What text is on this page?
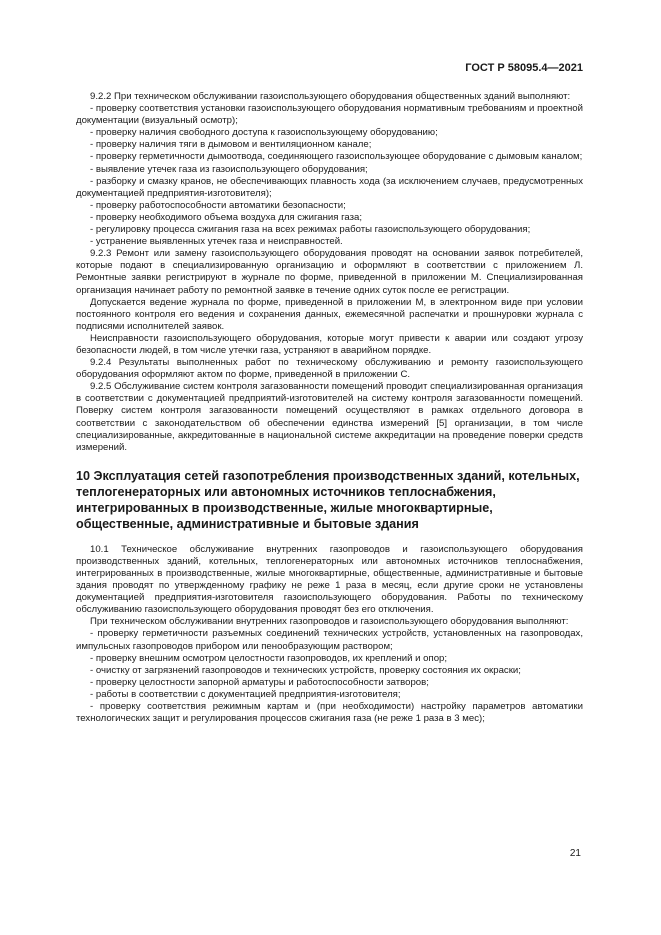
ГОСТ Р 58095.4—2021

9.2.2 При техническом обслуживании газоиспользующего оборудования общественных зданий выполняют:

- проверку соответствия установки газоиспользующего оборудования нормативным требованиям и проектной документации (визуальный осмотр);

- проверку наличия свободного доступа к газоиспользующему оборудованию;

- проверку наличия тяги в дымовом и вентиляционном канале;

- проверку герметичности дымоотвода, соединяющего газоиспользующее оборудование с дымовым каналом;

- выявление утечек газа из газоиспользующего оборудования;

- разборку и смазку кранов, не обеспечивающих плавность хода (за исключением случаев, предусмотренных документацией предприятия-изготовителя);

- проверку работоспособности автоматики безопасности;

- проверку необходимого объема воздуха для сжигания газа;

- регулировку процесса сжигания газа на всех режимах работы газоиспользующего оборудования;

- устранение выявленных утечек газа и неисправностей.

9.2.3 Ремонт или замену газоиспользующего оборудования проводят на основании заявок потребителей, которые подают в специализированную организацию и оформляют в соответствии с приложением Л. Ремонтные заявки регистрируют в журнале по форме, приведенной в приложении М. Специализированная организация начинает работу по ремонтной заявке в течение одних суток после ее регистрации.

Допускается ведение журнала по форме, приведенной в приложении М, в электронном виде при условии постоянного контроля его ведения и сохранения данных, ежемесячной распечатки и прошнуровки журнала с подписями исполнителей заявок.

Неисправности газоиспользующего оборудования, которые могут привести к аварии или создают угрозу безопасности людей, в том числе утечки газа, устраняют в аварийном порядке.

9.2.4 Результаты выполненных работ по техническому обслуживанию и ремонту газоиспользующего оборудования оформляют актом по форме, приведенной в приложении С.

9.2.5 Обслуживание систем контроля загазованности помещений проводит специализированная организация в соответствии с документацией предприятий-изготовителей на систему контроля загазованности помещений. Поверку систем контроля загазованности помещений осуществляют в рамках отдельного договора в соответствии с законодательством об обеспечении единства измерений [5] организации, в том числе специализированные, аккредитованные в национальной системе аккредитации на проведение поверки средств измерений.

10 Эксплуатация сетей газопотребления производственных зданий, котельных, теплогенераторных или автономных источников теплоснабжения, интегрированных в производственные, жилые многоквартирные, общественные, административные и бытовые здания

10.1 Техническое обслуживание внутренних газопроводов и газоиспользующего оборудования производственных зданий, котельных, теплогенераторных или автономных источников теплоснабжения, интегрированных в производственные, жилые многоквартирные, общественные, административные и бытовые здания проводят по утвержденному графику не реже 1 раза в месяц, если другие сроки не установлены документацией предприятия-изготовителя газоиспользующего оборудования. Работы по техническому обслуживанию газоиспользующего оборудования проводят без его отключения.

При техническом обслуживании внутренних газопроводов и газоиспользующего оборудования выполняют:

- проверку герметичности разъемных соединений технических устройств, установленных на газопроводах, импульсных газопроводов прибором или пенообразующим раствором;

- проверку внешним осмотром целостности газопроводов, их креплений и опор;

- очистку от загрязнений газопроводов и технических устройств, проверку состояния их окраски;

- проверку целостности запорной арматуры и работоспособности затворов;

- работы в соответствии с документацией предприятия-изготовителя;

- проверку соответствия режимным картам и (при необходимости) настройку параметров автоматики технологических защит и регулирования процессов сжигания газа (не реже 1 раза в 3 мес);

21
